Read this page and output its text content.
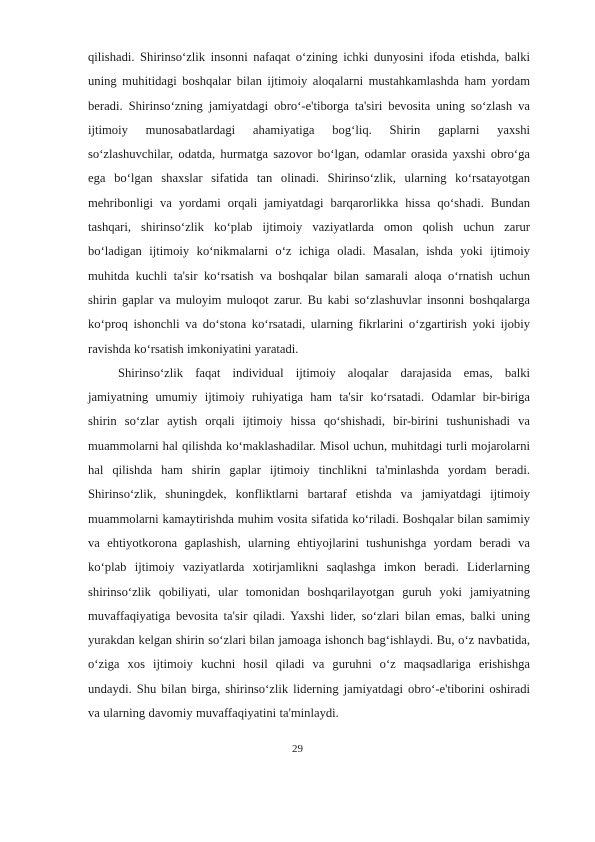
qilishadi. Shirinsoʻzlik insonni nafaqat oʻzining ichki dunyosini ifoda etishda, balki uning muhitidagi boshqalar bilan ijtimoiy aloqalarni mustahkamlashda ham yordam beradi. Shirinsoʻzning jamiyatdagi obroʻ-e'tiborga ta'siri bevosita uning soʻzlash va ijtimoiy munosabatlardagi ahamiyatiga bogʻliq. Shirin gaplarni yaxshi soʻzlashuvchilar, odatda, hurmatga sazovor boʻlgan, odamlar orasida yaxshi obroʻga ega boʻlgan shaxslar sifatida tan olinadi. Shirinsoʻzlik, ularning koʻrsatayotgan mehribonligi va yordami orqali jamiyatdagi barqarorlikka hissa qoʻshadi. Bundan tashqari, shirinsoʻzlik koʻplab ijtimoiy vaziyatlarda omon qolish uchun zarur boʻladigan ijtimoiy koʻnikmalarni oʻz ichiga oladi. Masalan, ishda yoki ijtimoiy muhitda kuchli ta'sir koʻrsatish va boshqalar bilan samarali aloqa oʻrnatish uchun shirin gaplar va muloyim muloqot zarur. Bu kabi soʻzlashuvlar insonni boshqalarga koʻproq ishonchli va doʻstona koʻrsatadi, ularning fikrlarini oʻzgartirish yoki ijobiy ravishda koʻrsatish imkoniyatini yaratadi.

Shirinsoʻzlik faqat individual ijtimoiy aloqalar darajasida emas, balki jamiyatning umumiy ijtimoiy ruhiyatiga ham ta'sir koʻrsatadi. Odamlar bir-biriga shirin soʻzlar aytish orqali ijtimoiy hissa qoʻshishadi, bir-birini tushunishadi va muammolarni hal qilishda koʻmaklashadilar. Misol uchun, muhitdagi turli mojarolarni hal qilishda ham shirin gaplar ijtimoiy tinchlikni ta'minlashda yordam beradi. Shirinsoʻzlik, shuningdek, konfliktlarni bartaraf etishda va jamiyatdagi ijtimoiy muammolarni kamaytirishda muhim vosita sifatida koʻriladi. Boshqalar bilan samimiy va ehtiyotkorona gaplashish, ularning ehtiyojlarini tushunishga yordam beradi va koʻplab ijtimoiy vaziyatlarda xotirjamlikni saqlashga imkon beradi. Liderlarning shirinsoʻzlik qobiliyati, ular tomonidan boshqarilayotgan guruh yoki jamiyatning muvaffaqiyatiga bevosita ta'sir qiladi. Yaxshi lider, soʻzlari bilan emas, balki uning yurakdan kelgan shirin soʻzlari bilan jamoaga ishonch bagʻishlaydi. Bu, oʻz navbatida, oʻziga xos ijtimoiy kuchni hosil qiladi va guruhni oʻz maqsadlariga erishishga undaydi. Shu bilan birga, shirinsoʻzlik liderning jamiyatdagi obroʻ-e'tiborini oshiradi va ularning davomiy muvaffaqiyatini ta'minlaydi.

29
